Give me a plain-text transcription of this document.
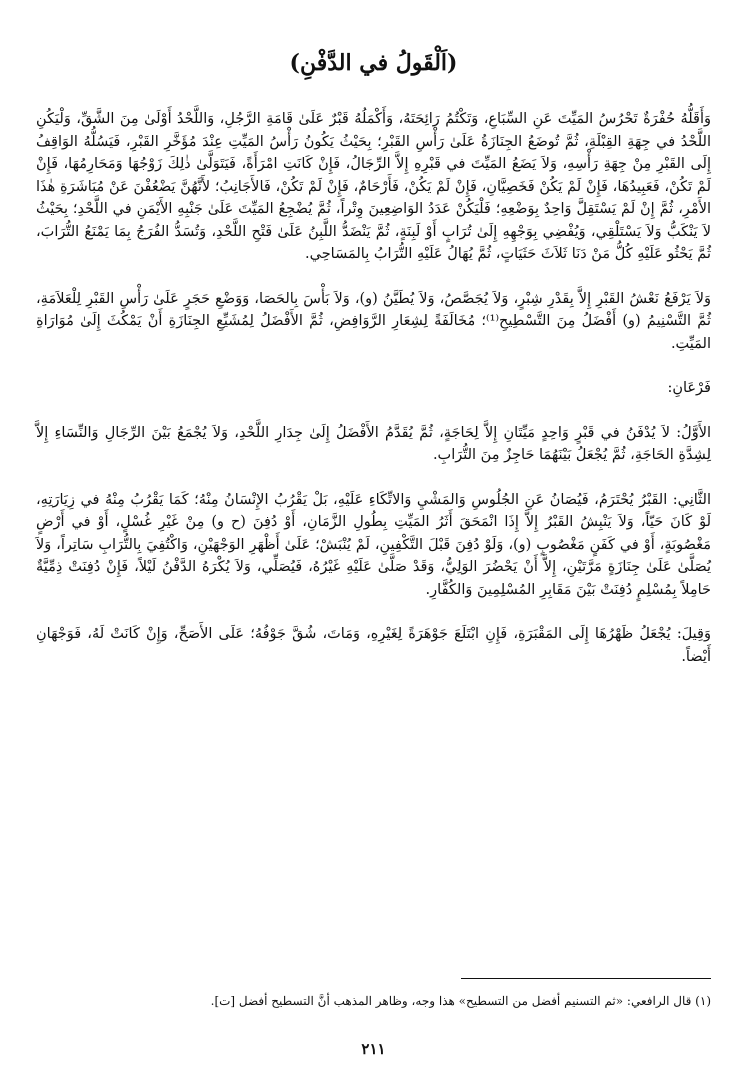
(اَلْقَولُ في الدَّفْنِ)

وَأَقَلُّهُ حُفْرَةٌ تَحْرُسُ المَيِّتَ عَنِ السِّبَاعِ، وَتَكْتُمُ رَائِحَتَهُ، وَأَكْمَلُهُ قَبْرٌ عَلَىٰ قَامَةِ الرَّجُلِ، وَاللَّحْدُ أَوْلَىٰ مِنَ الشَّقِّ، وَلْيَكُنِ اللَّحْدُ في جِهَةِ القِبْلَةِ، ثُمَّ تُوضَعُ الجِنَازَةُ عَلَىٰ رَأْسِ القَبْرِ؛ بِحَيْثُ يَكُونُ رَأْسُ المَيِّتِ عِنْدَ مُؤَخَّرِ القَبْرِ، فَيَسُلُّهُ الوَاقِفُ إِلَى القَبْرِ مِنْ جِهَةِ رَأْسِهِ، وَلاَ يَضَعُ المَيِّتَ في قَبْرِهِ إِلاَّ الرِّجَالُ، فَإِنْ كَانَتِ امْرَأَةً، فَيَتَوَلَّىٰ ذٰلِكَ زَوْجُهَا وَمَحَارِمُهَا، فَإِنْ لَمْ تَكُنْ، فَعَبِيدُهَا، فَإِنْ لَمْ يَكُنْ فَخَصِيَّانِ، فَإِنْ لَمْ يَكُنْ، فَأَرْحَامٌ، فَإِنْ لَمْ تَكُنْ، فَالأَجَانِبُ؛ لأَنَّهُنَّ يَضْعُفْنَ عَنْ مُبَاشَرَةِ هٰذَا الأَمْرِ، ثُمَّ إِنْ لَمْ يَسْتَقِلَّ وَاحِدٌ بِوَضْعِهِ؛ فَلْيَكُنْ عَدَدُ الوَاضِعِينَ وِتْراً، ثُمَّ يُضْجِعُ المَيِّتَ عَلَىٰ جَنْبِهِ الأَيْمَنِ في اللَّحْدِ؛ بِحَيْثُ لاَ يَنْكَبُّ وَلاَ يَسْتَلْقِي، وَيُفْضِي بِوَجْهِهِ إِلَىٰ تُرَابٍ أَوْ لَبِنَةٍ، ثُمَّ يَنْضَدُّ اللَّبِنُ عَلَىٰ فَتْحِ اللَّحْدِ، وَتُسَدُّ الفُرَجُ بِمَا يَمْنَعُ التُّرَابَ، ثُمَّ يَحْثُو عَلَيْهِ كُلُّ مَنْ دَنَا ثَلاَثَ حَثَيَاتٍ، ثُمَّ يُهَالُ عَلَيْهِ التُّرَابُ بِالمَسَاحِي.

وَلاَ يَرْفَعُ نَعْشُ القَبْرِ إِلاَّ بِقَدْرِ شِبْرٍ، وَلاَ يُجَصَّصُ، وَلاَ يُطَيَّنُ (و)، وَلاَ بَأْسَ بِالحَصَا، وَوَضْعِ حَجَرٍ عَلَىٰ رَأْسِ القَبْرِ لِلْعَلاَمَةِ، ثُمَّ التَّسْنِيمُ (و) أَفْضَلُ مِنَ التَّسْطِيحِ⁽¹⁾؛ مُخَالَفَةً لِشِعَارِ الرَّوَافِضِ، ثُمَّ الأَفْضَلُ لِمُشَيِّعِ الجِنَازَةِ أَنْ يَمْكُثَ إِلَىٰ مُوَارَاةِ المَيِّتِ.

فَرْعَانِ:

الأَوَّلُ: لاَ يُدْفَنُ في قَبْرٍ وَاحِدٍ مَيِّتَانِ إِلاَّ لِحَاجَةٍ، ثُمَّ يُقَدَّمُ الأَفْضَلُ إِلَىٰ جِدَارِ اللَّحْدِ، وَلاَ يُجْمَعُ بَيْنَ الرِّجَالِ وَالنِّسَاءِ إِلاَّ لِشِدَّةِ الحَاجَةِ، ثُمَّ يُجْعَلُ بَيْنَهُمَا حَاجِزٌ مِنَ التُّرَابِ.

الثَّانِي: القَبْرُ يُحْتَرَمُ، فَيُصَانُ عَنِ الجُلُوسِ وَالمَشْيِ وَالاتِّكَاءِ عَلَيْهِ، بَلْ يَقْرُبُ الإِنْسَانُ مِنْهُ؛ كَمَا يَقْرُبُ مِنْهُ في زِيَارَتِهِ، لَوْ كَانَ حَيّاً، وَلاَ يَنْبِشُ القَبْرُ إِلاَّ إِذَا انْمَحَقَ أَثَرُ المَيِّتِ بِطُولِ الزَّمَانِ، أَوْ دُفِنَ (ح و) مِنْ غَيْرِ غُسْلٍ، أَوْ في أَرْضٍ مَغْصُوبَةٍ، أَوْ في كَفَنٍ مَغْصُوبٍ (و)، وَلَوْ دُفِنَ قَبْلَ التَّكْفِينِ، لَمْ يُنْبَشْ؛ عَلَىٰ أَظْهَرِ الوَجْهَيْنِ، وَاكْتُفِيَ بِالتُّرَابِ سَاتِراً، وَلاَ يُصَلَّىٰ عَلَىٰ جِنَازَةٍ مَرَّتَيْنِ، إِلاَّ أَنْ يَحْضُرَ الوَلِيُّ، وَقَدْ صَلَّىٰ عَلَيْهِ غَيْرُهُ، فَيُصَلِّي، وَلاَ يُكْرَهُ الدَّفْنُ لَيْلاً، فَإِنْ دُفِنَتْ ذِمِّيَّةٌ حَامِلاً بِمُسْلِمٍ دُفِنَتْ بَيْنَ مَقَابِرِ المُسْلِمِينَ وَالكُفَّارِ.

وَقِيلَ: يُجْعَلُ ظَهْرُهَا إِلَى المَقْبَرَةِ، فَإِنِ ابْتَلَعَ جَوْهَرَةً لِغَيْرِهِ، وَمَاتَ، شُقَّ جَوْفُهُ؛ عَلَى الأَصَحِّ، وَإِنْ كَانَتْ لَهُ، فَوَجْهَانِ أَيْضاً.

(١) قال الرافعي: «ثم التسنيم أفضل من التسطيح» هذا وجه، وظاهر المذهب أنَّ التسطيح أفضل [ت].
٢١١
